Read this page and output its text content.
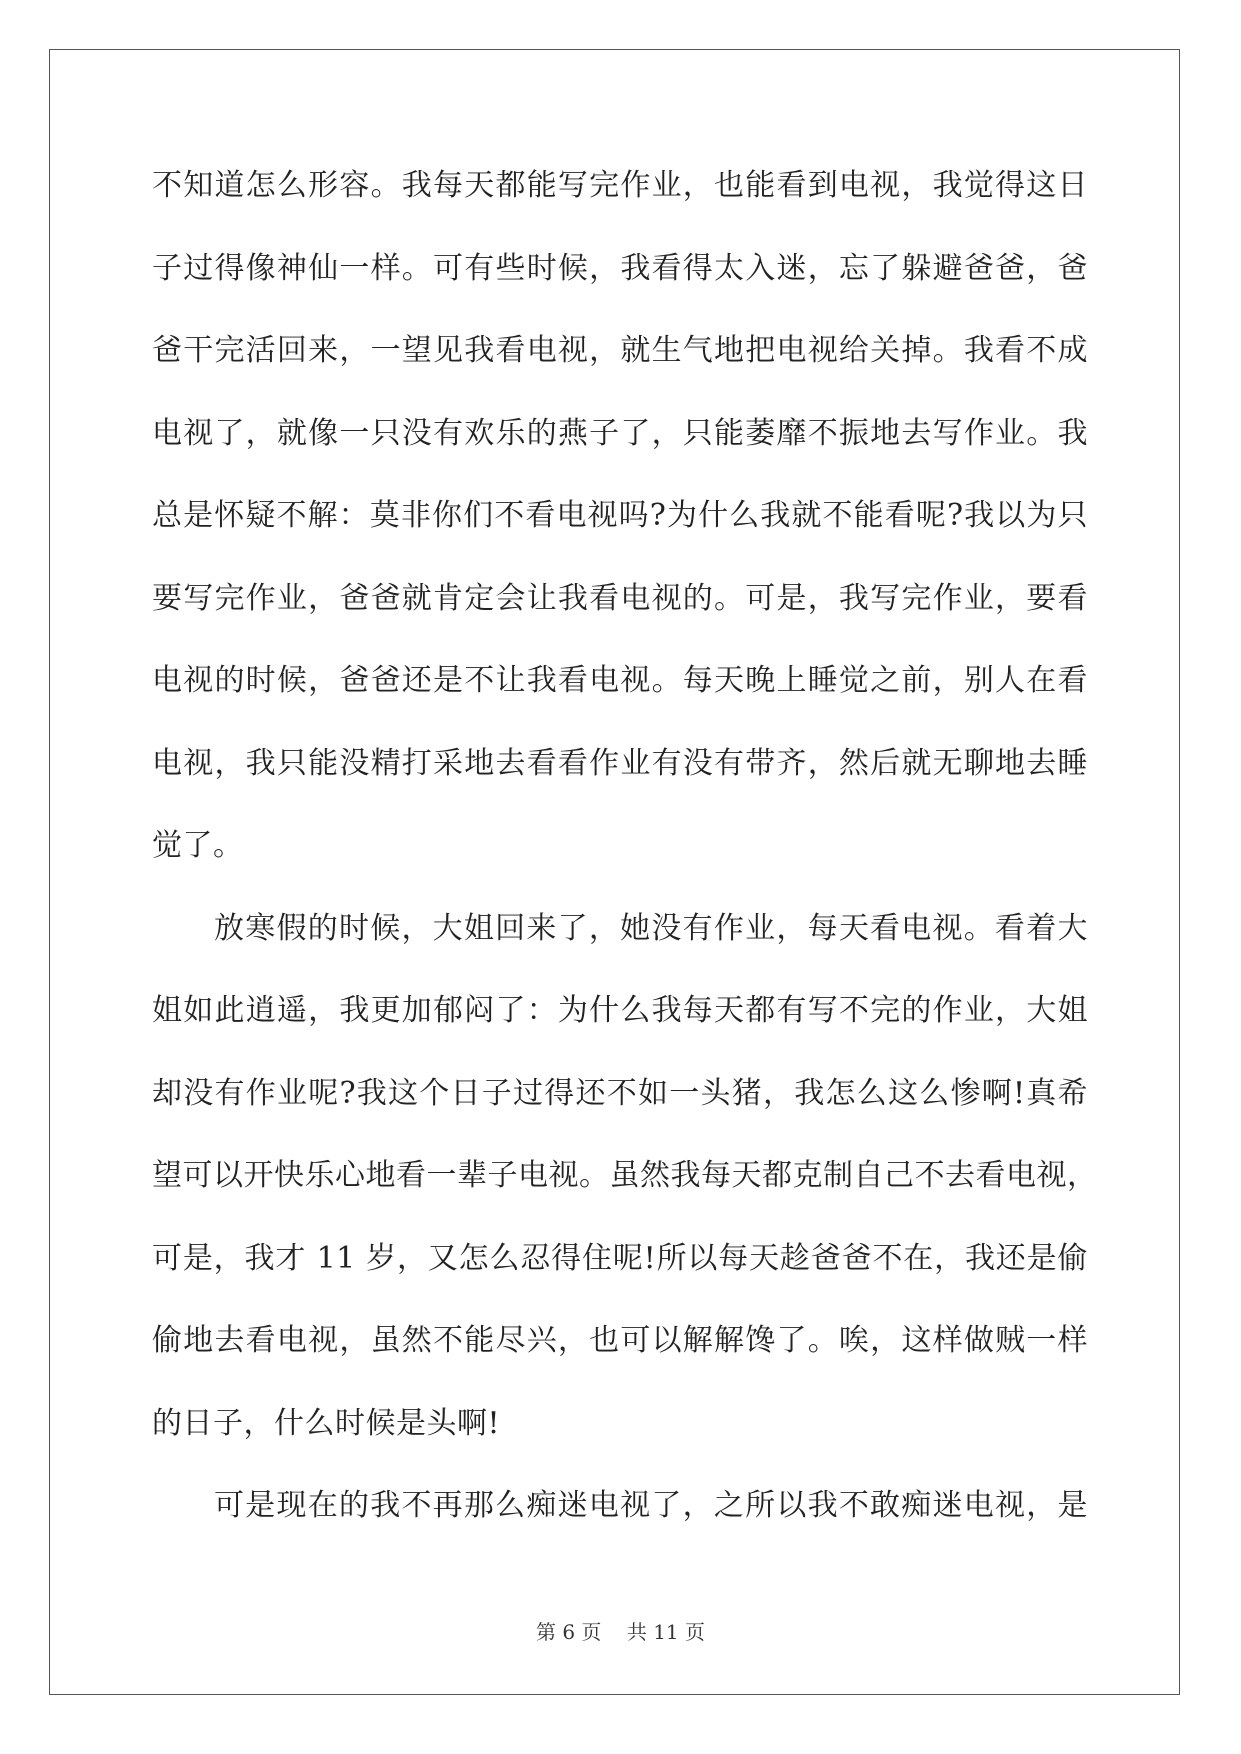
不知道怎么形容。我每天都能写完作业，也能看到电视，我觉得这日
子过得像神仙一样。可有些时候，我看得太入迷，忘了躲避爸爸，爸
爸干完活回来，一望见我看电视，就生气地把电视给关掉。我看不成
电视了，就像一只没有欢乐的燕子了，只能萎靡不振地去写作业。我
总是怀疑不解：莫非你们不看电视吗?为什么我就不能看呢?我以为只
要写完作业，爸爸就肯定会让我看电视的。可是，我写完作业，要看
电视的时候，爸爸还是不让我看电视。每天晚上睡觉之前，别人在看
电视，我只能没精打采地去看看作业有没有带齐，然后就无聊地去睡
觉了。
放寒假的时候，大姐回来了，她没有作业，每天看电视。看着大
姐如此逍遥，我更加郁闷了：为什么我每天都有写不完的作业，大姐
却没有作业呢?我这个日子过得还不如一头猪，我怎么这么惨啊!真希
望可以开快乐心地看一辈子电视。虽然我每天都克制自己不去看电视，
可是，我才 11 岁，又怎么忍得住呢!所以每天趁爸爸不在，我还是偷
偷地去看电视，虽然不能尽兴，也可以解解馋了。唉，这样做贼一样
的日子，什么时候是头啊!
可是现在的我不再那么痴迷电视了，之所以我不敢痴迷电视，是
第 6 页    共 11 页
